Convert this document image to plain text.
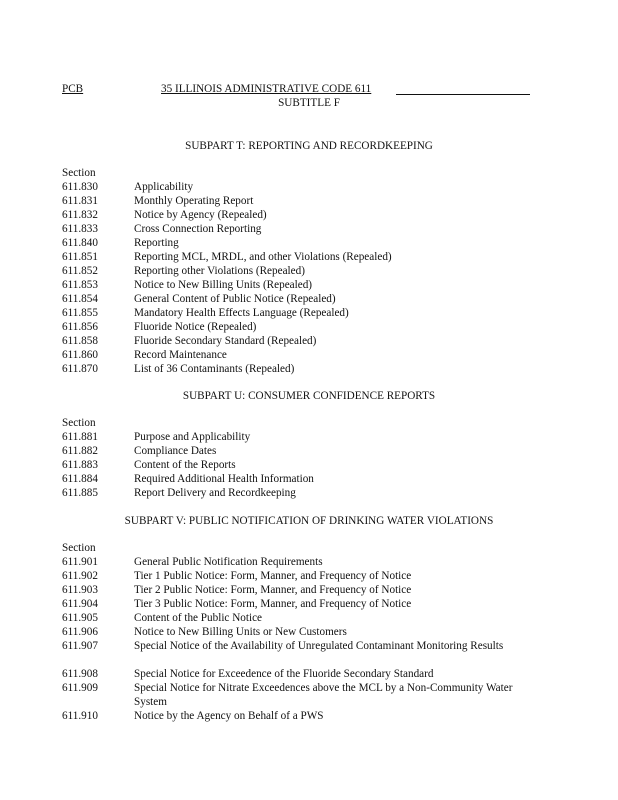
PCB	35 ILLINOIS ADMINISTRATIVE CODE 611
SUBTITLE F
SUBPART T: REPORTING AND RECORDKEEPING
Section
611.830	Applicability
611.831	Monthly Operating Report
611.832	Notice by Agency (Repealed)
611.833	Cross Connection Reporting
611.840	Reporting
611.851	Reporting MCL, MRDL, and other Violations (Repealed)
611.852	Reporting other Violations (Repealed)
611.853	Notice to New Billing Units (Repealed)
611.854	General Content of Public Notice (Repealed)
611.855	Mandatory Health Effects Language (Repealed)
611.856	Fluoride Notice (Repealed)
611.858	Fluoride Secondary Standard (Repealed)
611.860	Record Maintenance
611.870	List of 36 Contaminants (Repealed)
SUBPART U: CONSUMER CONFIDENCE REPORTS
Section
611.881	Purpose and Applicability
611.882	Compliance Dates
611.883	Content of the Reports
611.884	Required Additional Health Information
611.885	Report Delivery and Recordkeeping
SUBPART V: PUBLIC NOTIFICATION OF DRINKING WATER VIOLATIONS
Section
611.901	General Public Notification Requirements
611.902	Tier 1 Public Notice: Form, Manner, and Frequency of Notice
611.903	Tier 2 Public Notice: Form, Manner, and Frequency of Notice
611.904	Tier 3 Public Notice: Form, Manner, and Frequency of Notice
611.905	Content of the Public Notice
611.906	Notice to New Billing Units or New Customers
611.907	Special Notice of the Availability of Unregulated Contaminant Monitoring Results
611.908	Special Notice for Exceedence of the Fluoride Secondary Standard
611.909	Special Notice for Nitrate Exceedences above the MCL by a Non-Community Water System
611.910	Notice by the Agency on Behalf of a PWS
